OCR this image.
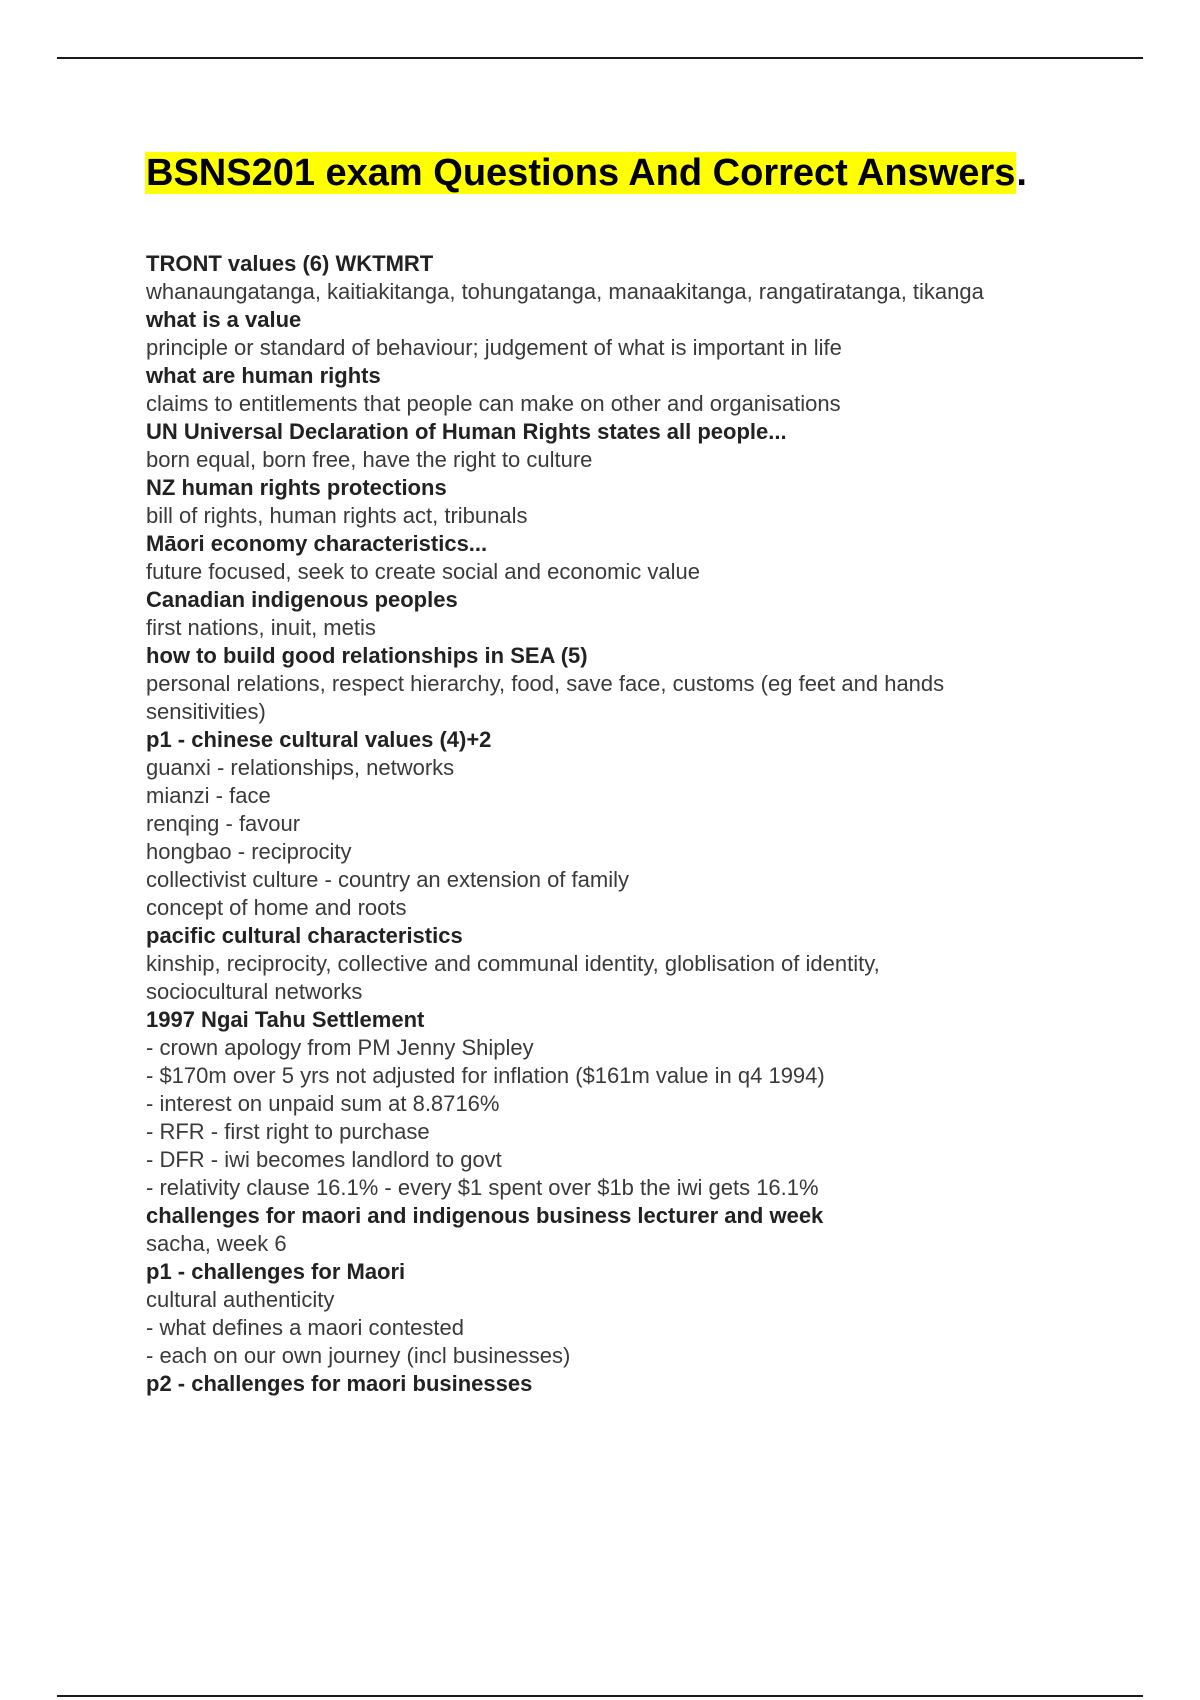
BSNS201 exam Questions And Correct Answers.
TRONT values (6) WKTMRT
whanaungatanga, kaitiakitanga, tohungatanga, manaakitanga, rangatiratanga, tikanga
what is a value
principle or standard of behaviour; judgement of what is important in life
what are human rights
claims to entitlements that people can make on other and organisations
UN Universal Declaration of Human Rights states all people...
born equal, born free, have the right to culture
NZ human rights protections
bill of rights, human rights act, tribunals
Māori economy characteristics...
future focused, seek to create social and economic value
Canadian indigenous peoples
first nations, inuit, metis
how to build good relationships in SEA (5)
personal relations, respect hierarchy, food, save face, customs (eg feet and hands
sensitivities)
p1 - chinese cultural values (4)+2
guanxi - relationships, networks
mianzi - face
renqing - favour
hongbao - reciprocity
collectivist culture - country an extension of family
concept of home and roots
pacific cultural characteristics
kinship, reciprocity, collective and communal identity, globlisation of identity,
sociocultural networks
1997 Ngai Tahu Settlement
- crown apology from PM Jenny Shipley
- $170m over 5 yrs not adjusted for inflation ($161m value in q4 1994)
- interest on unpaid sum at 8.8716%
- RFR - first right to purchase
- DFR - iwi becomes landlord to govt
- relativity clause 16.1% - every $1 spent over $1b the iwi gets 16.1%
challenges for maori and indigenous business lecturer and week
sacha, week 6
p1 - challenges for Maori
cultural authenticity
- what defines a maori contested
- each on our own journey (incl businesses)
p2 - challenges for maori businesses
